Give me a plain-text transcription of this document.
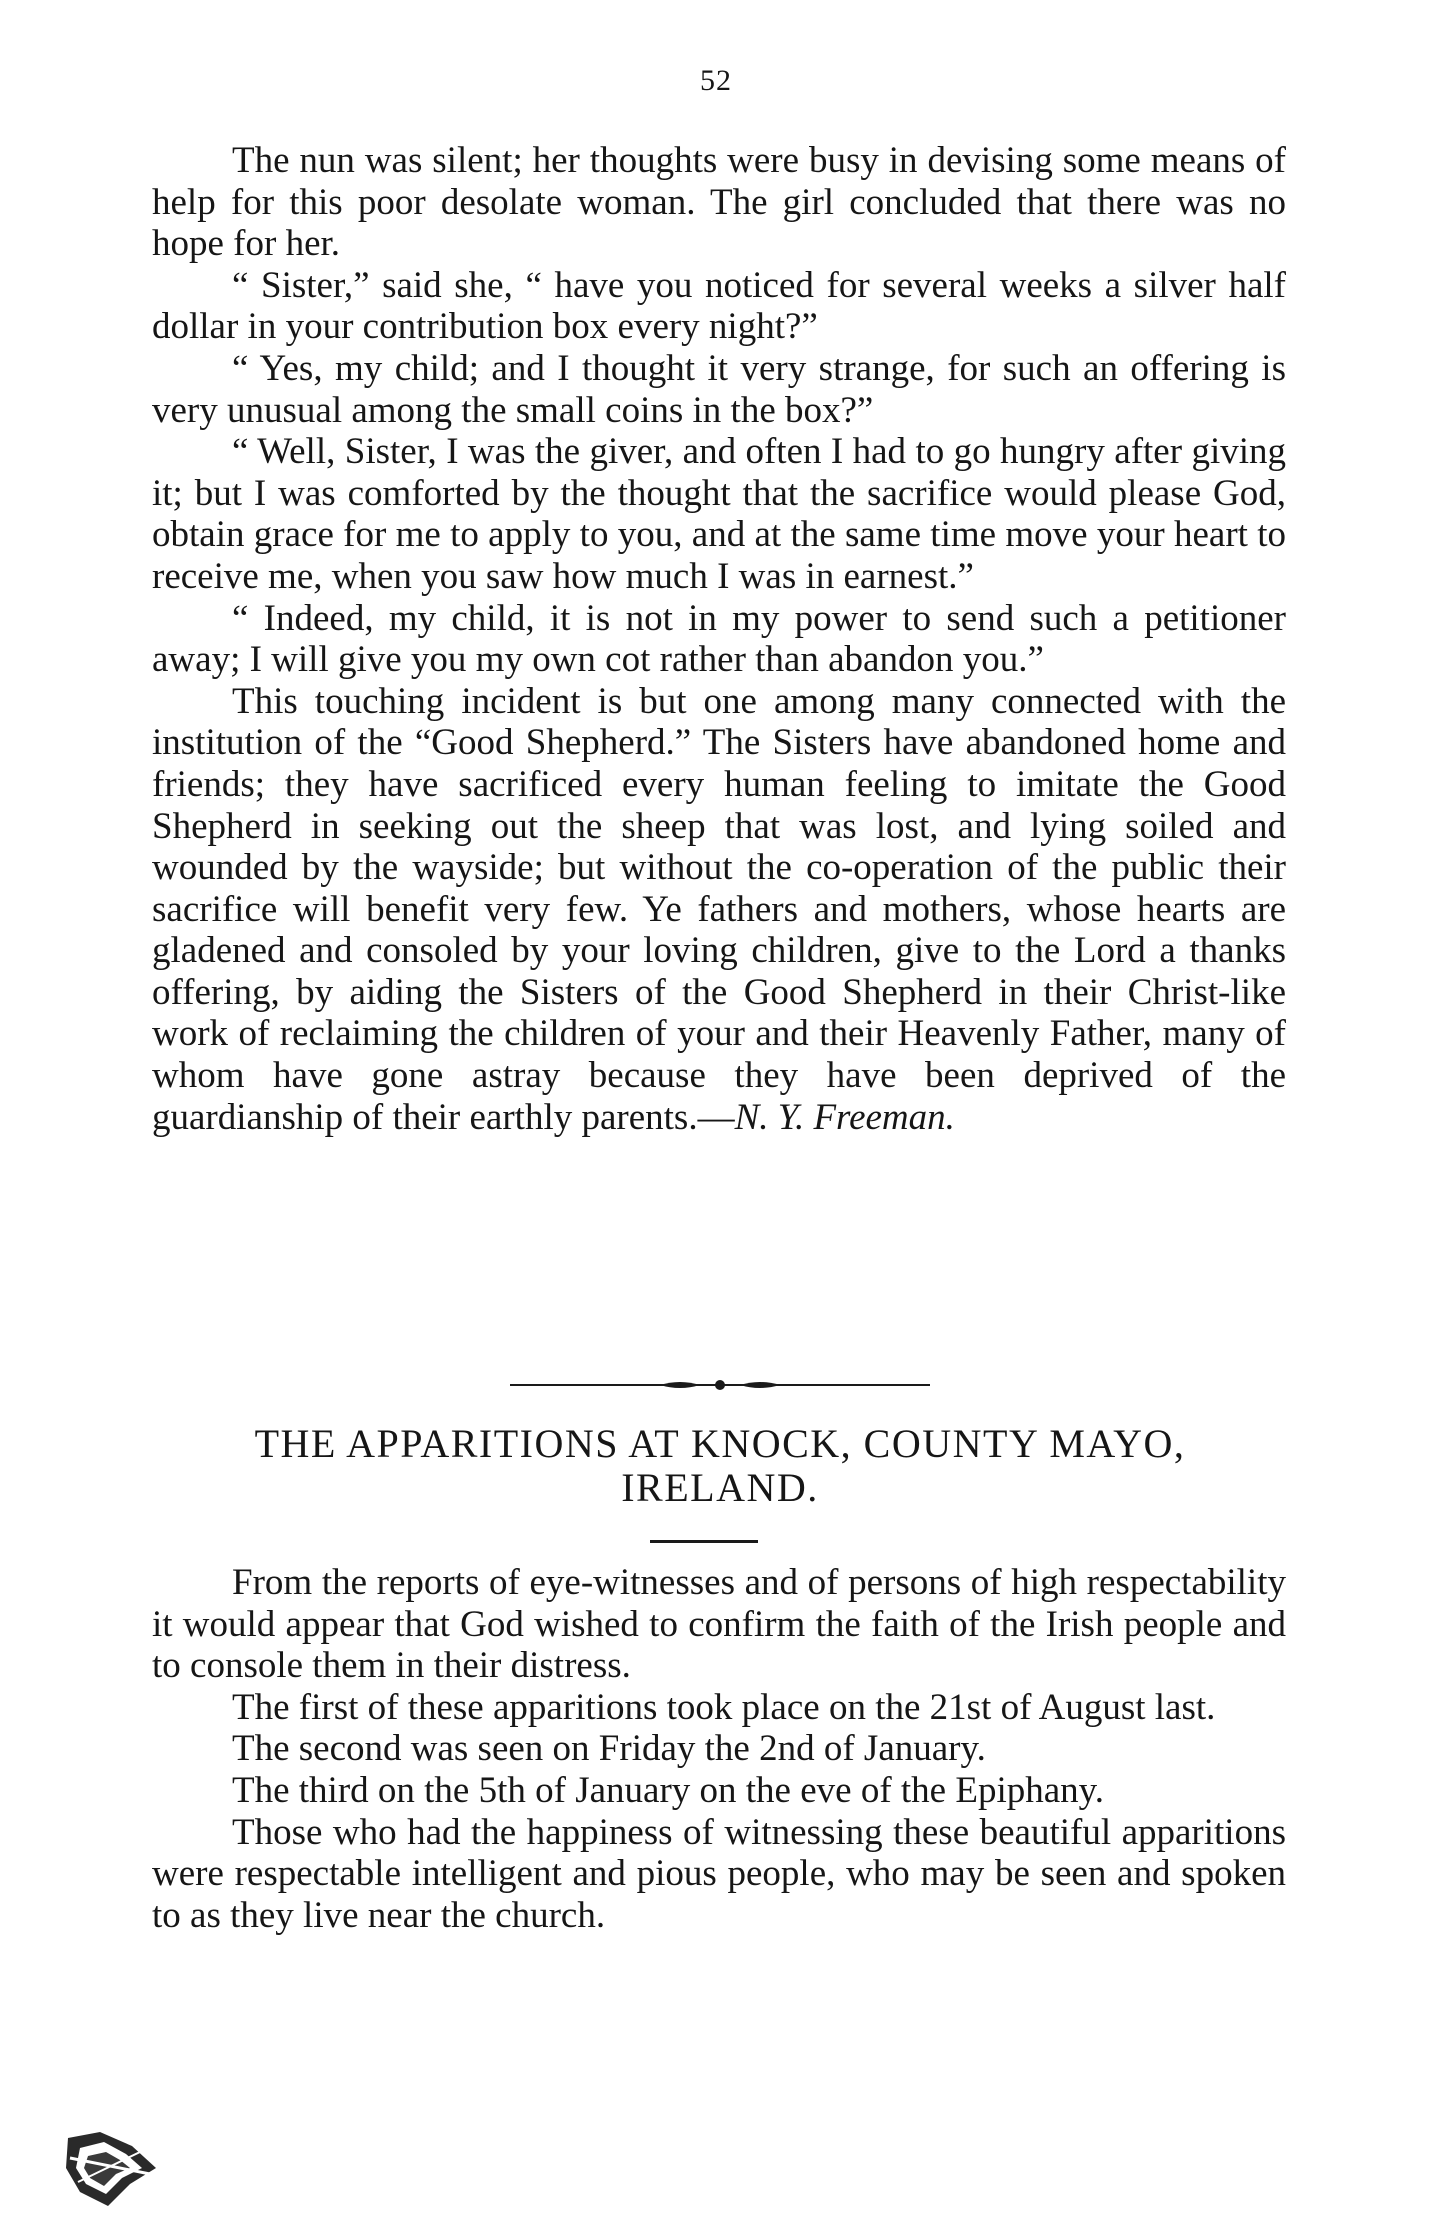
52

The nun was silent; her thoughts were busy in devising some means of help for this poor desolate woman. The girl concluded that there was no hope for her.

“ Sister,” said she, “ have you noticed for several weeks a silver half dollar in your contribution box every night?”

“ Yes, my child; and I thought it very strange, for such an offering is very unusual among the small coins in the box?”

“ Well, Sister, I was the giver, and often I had to go hungry after giving it; but I was comforted by the thought that the sacrifice would please God, obtain grace for me to apply to you, and at the same time move your heart to receive me, when you saw how much I was in earnest.”

“ Indeed, my child, it is not in my power to send such a petitioner away; I will give you my own cot rather than abandon you.”

This touching incident is but one among many connected with the institution of the “Good Shepherd.” The Sisters have abandoned home and friends; they have sacrificed every human feeling to imitate the Good Shepherd in seeking out the sheep that was lost, and lying soiled and wounded by the wayside; but without the co-operation of the public their sacrifice will benefit very few. Ye fathers and mothers, whose hearts are gladened and consoled by your loving children, give to the Lord a thanks offering, by aiding the Sisters of the Good Shepherd in their Christ-like work of reclaiming the children of your and their Heavenly Father, many of whom have gone astray because they have been deprived of the guardianship of their earthly parents.—N. Y. Freeman.

THE APPARITIONS AT KNOCK, COUNTY MAYO,
IRELAND.

From the reports of eye-witnesses and of persons of high respectability it would appear that God wished to confirm the faith of the Irish people and to console them in their distress.

The first of these apparitions took place on the 21st of August last.

The second was seen on Friday the 2nd of January.

The third on the 5th of January on the eve of the Epiphany.

Those who had the happiness of witnessing these beautiful apparitions were respectable intelligent and pious people, who may be seen and spoken to as they live near the church.
